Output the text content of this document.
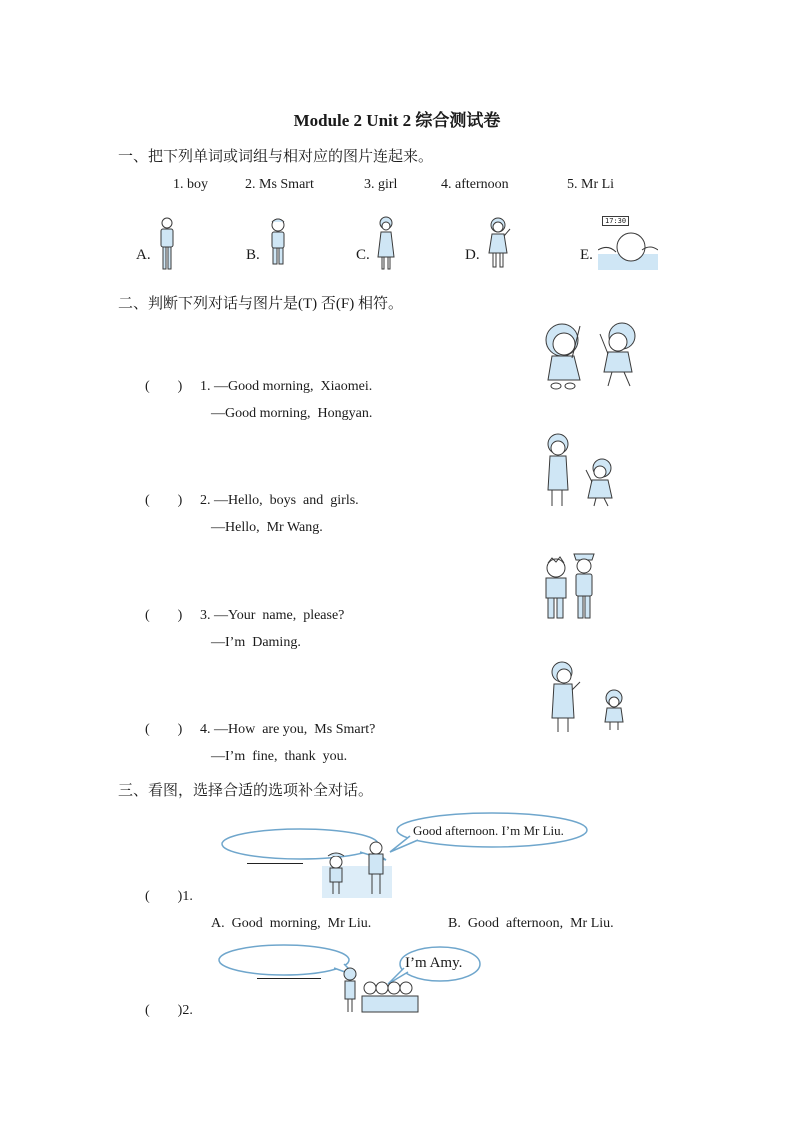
Module 2 Unit 2 综合测试卷
一、把下列单词或词组与相对应的图片连起来。
1. boy	2. Ms Smart	3. girl	4. afternoon	5. Mr Li
A.	B.	C.	D.	E.
17:30
二、判断下列对话与图片是(T) 否(F) 相符。
(        ) 1. —Good morning,  Xiaomei.
—Good morning,  Hongyan.
(        ) 2. —Hello,  boys  and  girls.
—Hello,  Mr Wang.
(        ) 3. —Your  name,  please?
—I’m  Daming.
(        ) 4. —How  are you,  Ms Smart?
—I’m  fine,  thank  you.
三、看图，选择合适的选项补全对话。
Good afternoon. I’m Mr Liu.
(        )1.
A.  Good  morning,  Mr Liu.	B.  Good  afternoon,  Mr Liu.
I’m Amy.
(        )2.
